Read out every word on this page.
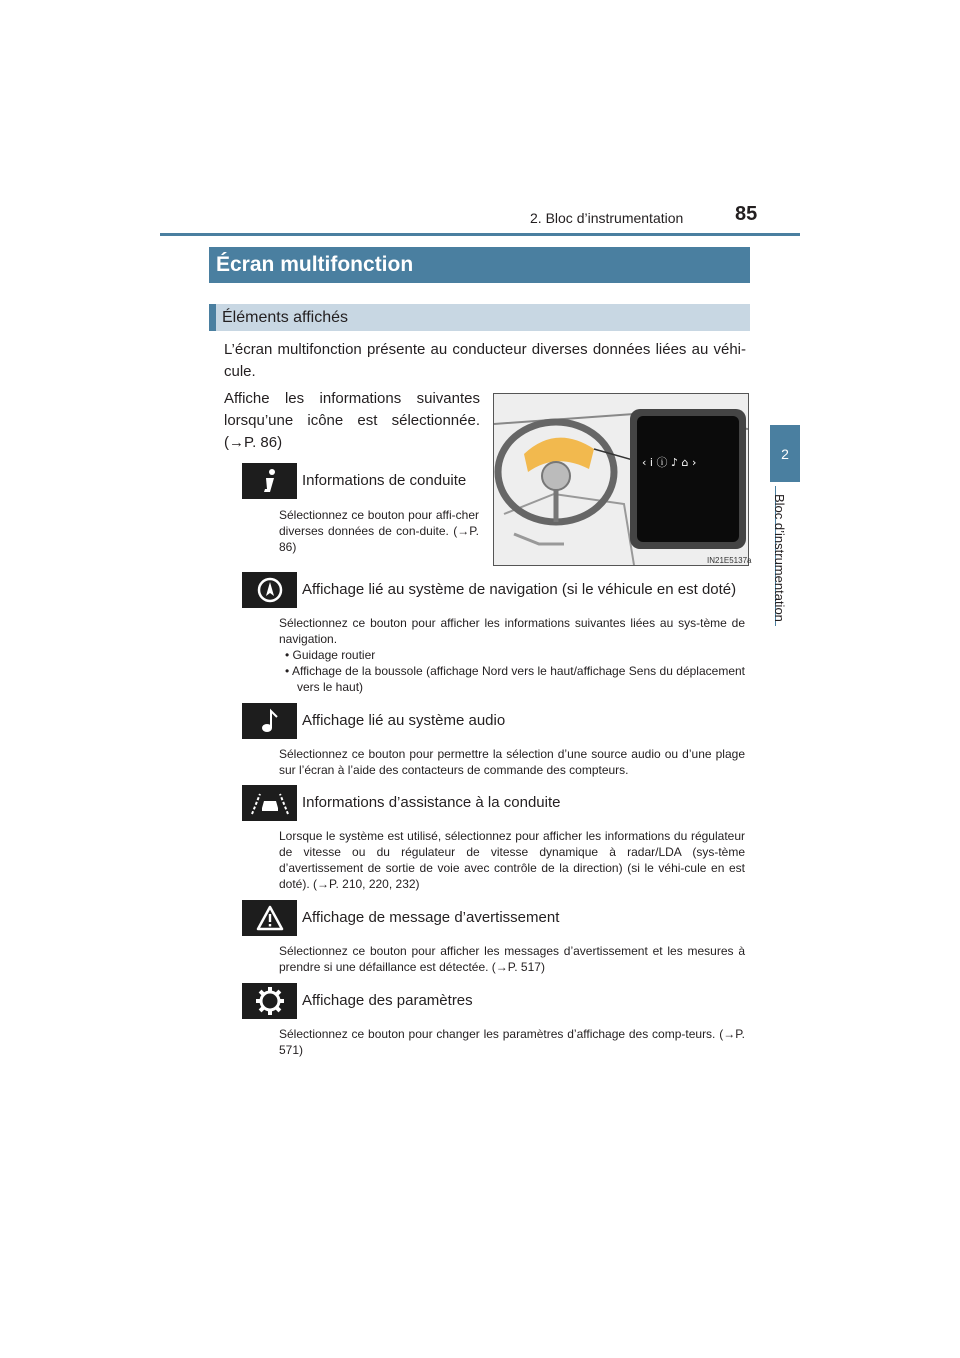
2. Bloc d’instrumentation	85
2
Bloc d’instrumentation
Écran multifonction
Éléments affichés
L’écran multifonction présente au conducteur diverses données liées au véhi-cule.
Affiche les informations suivantes lorsqu’une icône est sélectionnée. (→P. 86)
‹ i ⓘ ♪ ⌂ ›
IN21E5137a
Informations de conduite
Sélectionnez ce bouton pour affi-cher diverses données de con-duite. (→P. 86)
Affichage lié au système de navigation (si le véhicule en est doté)
Sélectionnez ce bouton pour afficher les informations suivantes liées au sys-tème de navigation.
• Guidage routier
• Affichage de la boussole (affichage Nord vers le haut/affichage Sens du déplacement vers le haut)
Affichage lié au système audio
Sélectionnez ce bouton pour permettre la sélection d’une source audio ou d’une plage sur l’écran à l’aide des contacteurs de commande des compteurs.
Informations d’assistance à la conduite
Lorsque le système est utilisé, sélectionnez pour afficher les informations du régulateur de vitesse ou du régulateur de vitesse dynamique à radar/LDA (sys-tème d’avertissement de sortie de voie avec contrôle de la direction) (si le véhi-cule en est doté). (→P. 210, 220, 232)
Affichage de message d’avertissement
Sélectionnez ce bouton pour afficher les messages d’avertissement et les mesures à prendre si une défaillance est détectée. (→P. 517)
Affichage des paramètres
Sélectionnez ce bouton pour changer les paramètres d’affichage des comp-teurs. (→P. 571)
